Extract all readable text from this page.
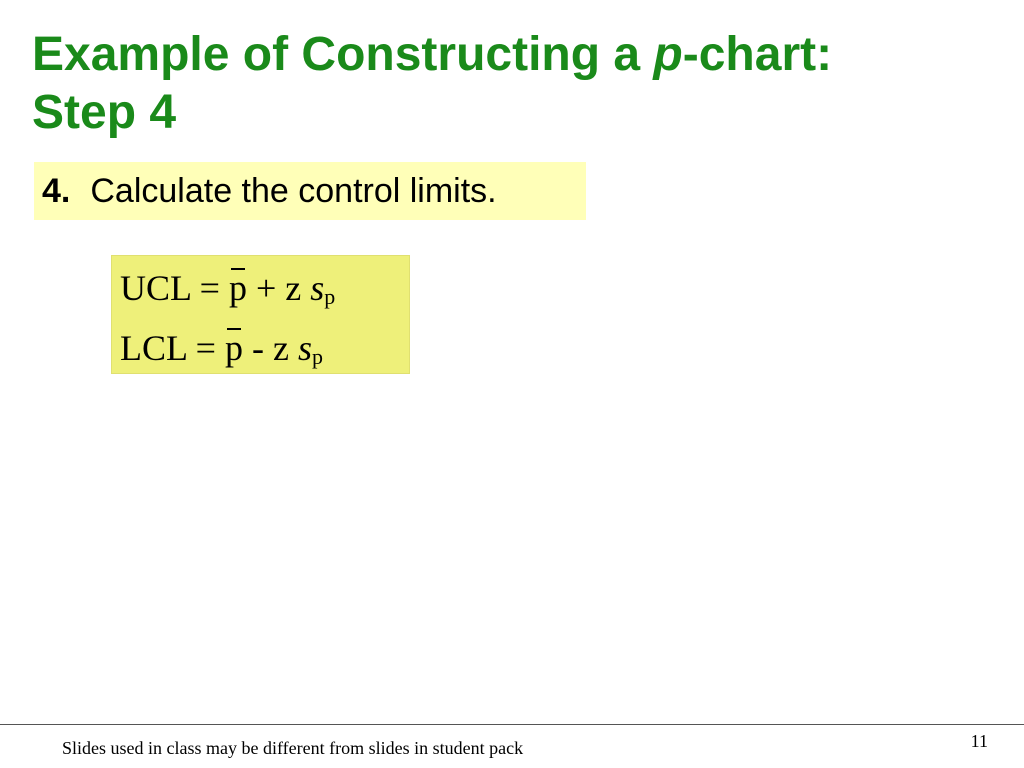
Example of Constructing a p-chart:
Step 4
4. Calculate the control limits.
UCL = p + z sp
LCL = p - z sp
Slides used in class may be different from slides in student pack	11
